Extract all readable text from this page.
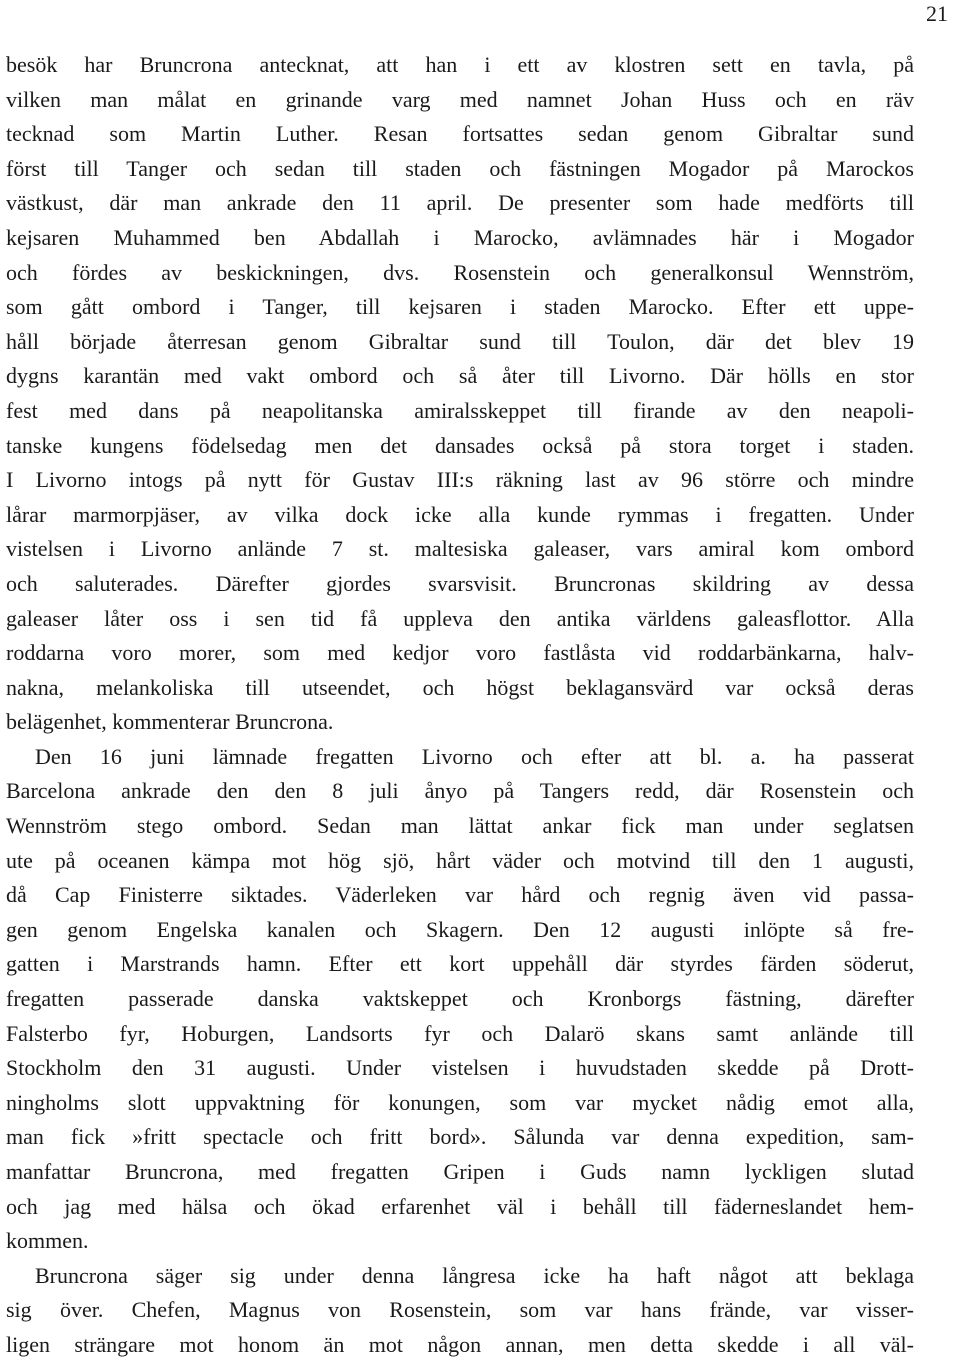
21
besök har Bruncrona antecknat, att han i ett av klostren sett en tavla, på
vilken man målat en grinande varg med namnet Johan Huss och en räv
tecknad som Martin Luther. Resan fortsattes sedan genom Gibraltar sund
först till Tanger och sedan till staden och fästningen Mogador på Marockos
västkust, där man ankrade den 11 april. De presenter som hade medförts till
kejsaren Muhammed ben Abdallah i Marocko, avlämnades här i Mogador
och fördes av beskickningen, dvs. Rosenstein och generalkonsul Wennström,
som gått ombord i Tanger, till kejsaren i staden Marocko. Efter ett uppe-
håll började återresan genom Gibraltar sund till Toulon, där det blev 19
dygns karantän med vakt ombord och så åter till Livorno. Där hölls en stor
fest med dans på neapolitanska amiralsskeppet till firande av den neapoli-
tanske kungens födelsedag men det dansades också på stora torget i staden.
I Livorno intogs på nytt för Gustav III:s räkning last av 96 större och mindre
lårar marmorpjäser, av vilka dock icke alla kunde rymmas i fregatten. Under
vistelsen i Livorno anlände 7 st. maltesiska galeaser, vars amiral kom ombord
och saluterades. Därefter gjordes svarsvisit. Bruncronas skildring av dessa
galeaser låter oss i sen tid få uppleva den antika världens galeasflottor. Alla
roddarna voro morer, som med kedjor voro fastlåsta vid roddarbänkarna, halv-
nakna, melankoliska till utseendet, och högst beklagansvärd var också deras
belägenhet, kommenterar Bruncrona.
Den 16 juni lämnade fregatten Livorno och efter att bl. a. ha passerat
Barcelona ankrade den den 8 juli ånyo på Tangers redd, där Rosenstein och
Wennström stego ombord. Sedan man lättat ankar fick man under seglatsen
ute på oceanen kämpa mot hög sjö, hårt väder och motvind till den 1 augusti,
då Cap Finisterre siktades. Väderleken var hård och regnig även vid passa-
gen genom Engelska kanalen och Skagern. Den 12 augusti inlöpte så fre-
gatten i Marstrands hamn. Efter ett kort uppehåll där styrdes färden söderut,
fregatten passerade danska vaktskeppet och Kronborgs fästning, därefter
Falsterbo fyr, Hoburgen, Landsorts fyr och Dalarö skans samt anlände till
Stockholm den 31 augusti. Under vistelsen i huvudstaden skedde på Drott-
ningholms slott uppvaktning för konungen, som var mycket nådig emot alla,
man fick »fritt spectacle och fritt bord». Sålunda var denna expedition, sam-
manfattar Bruncrona, med fregatten Gripen i Guds namn lyckligen slutad
och jag med hälsa och ökad erfarenhet väl i behåll till fäderneslandet hem-
kommen.
Bruncrona säger sig under denna långresa icke ha haft något att beklaga
sig över. Chefen, Magnus von Rosenstein, som var hans frände, var visser-
ligen strängare mot honom än mot någon annan, men detta skedde i all väl-
